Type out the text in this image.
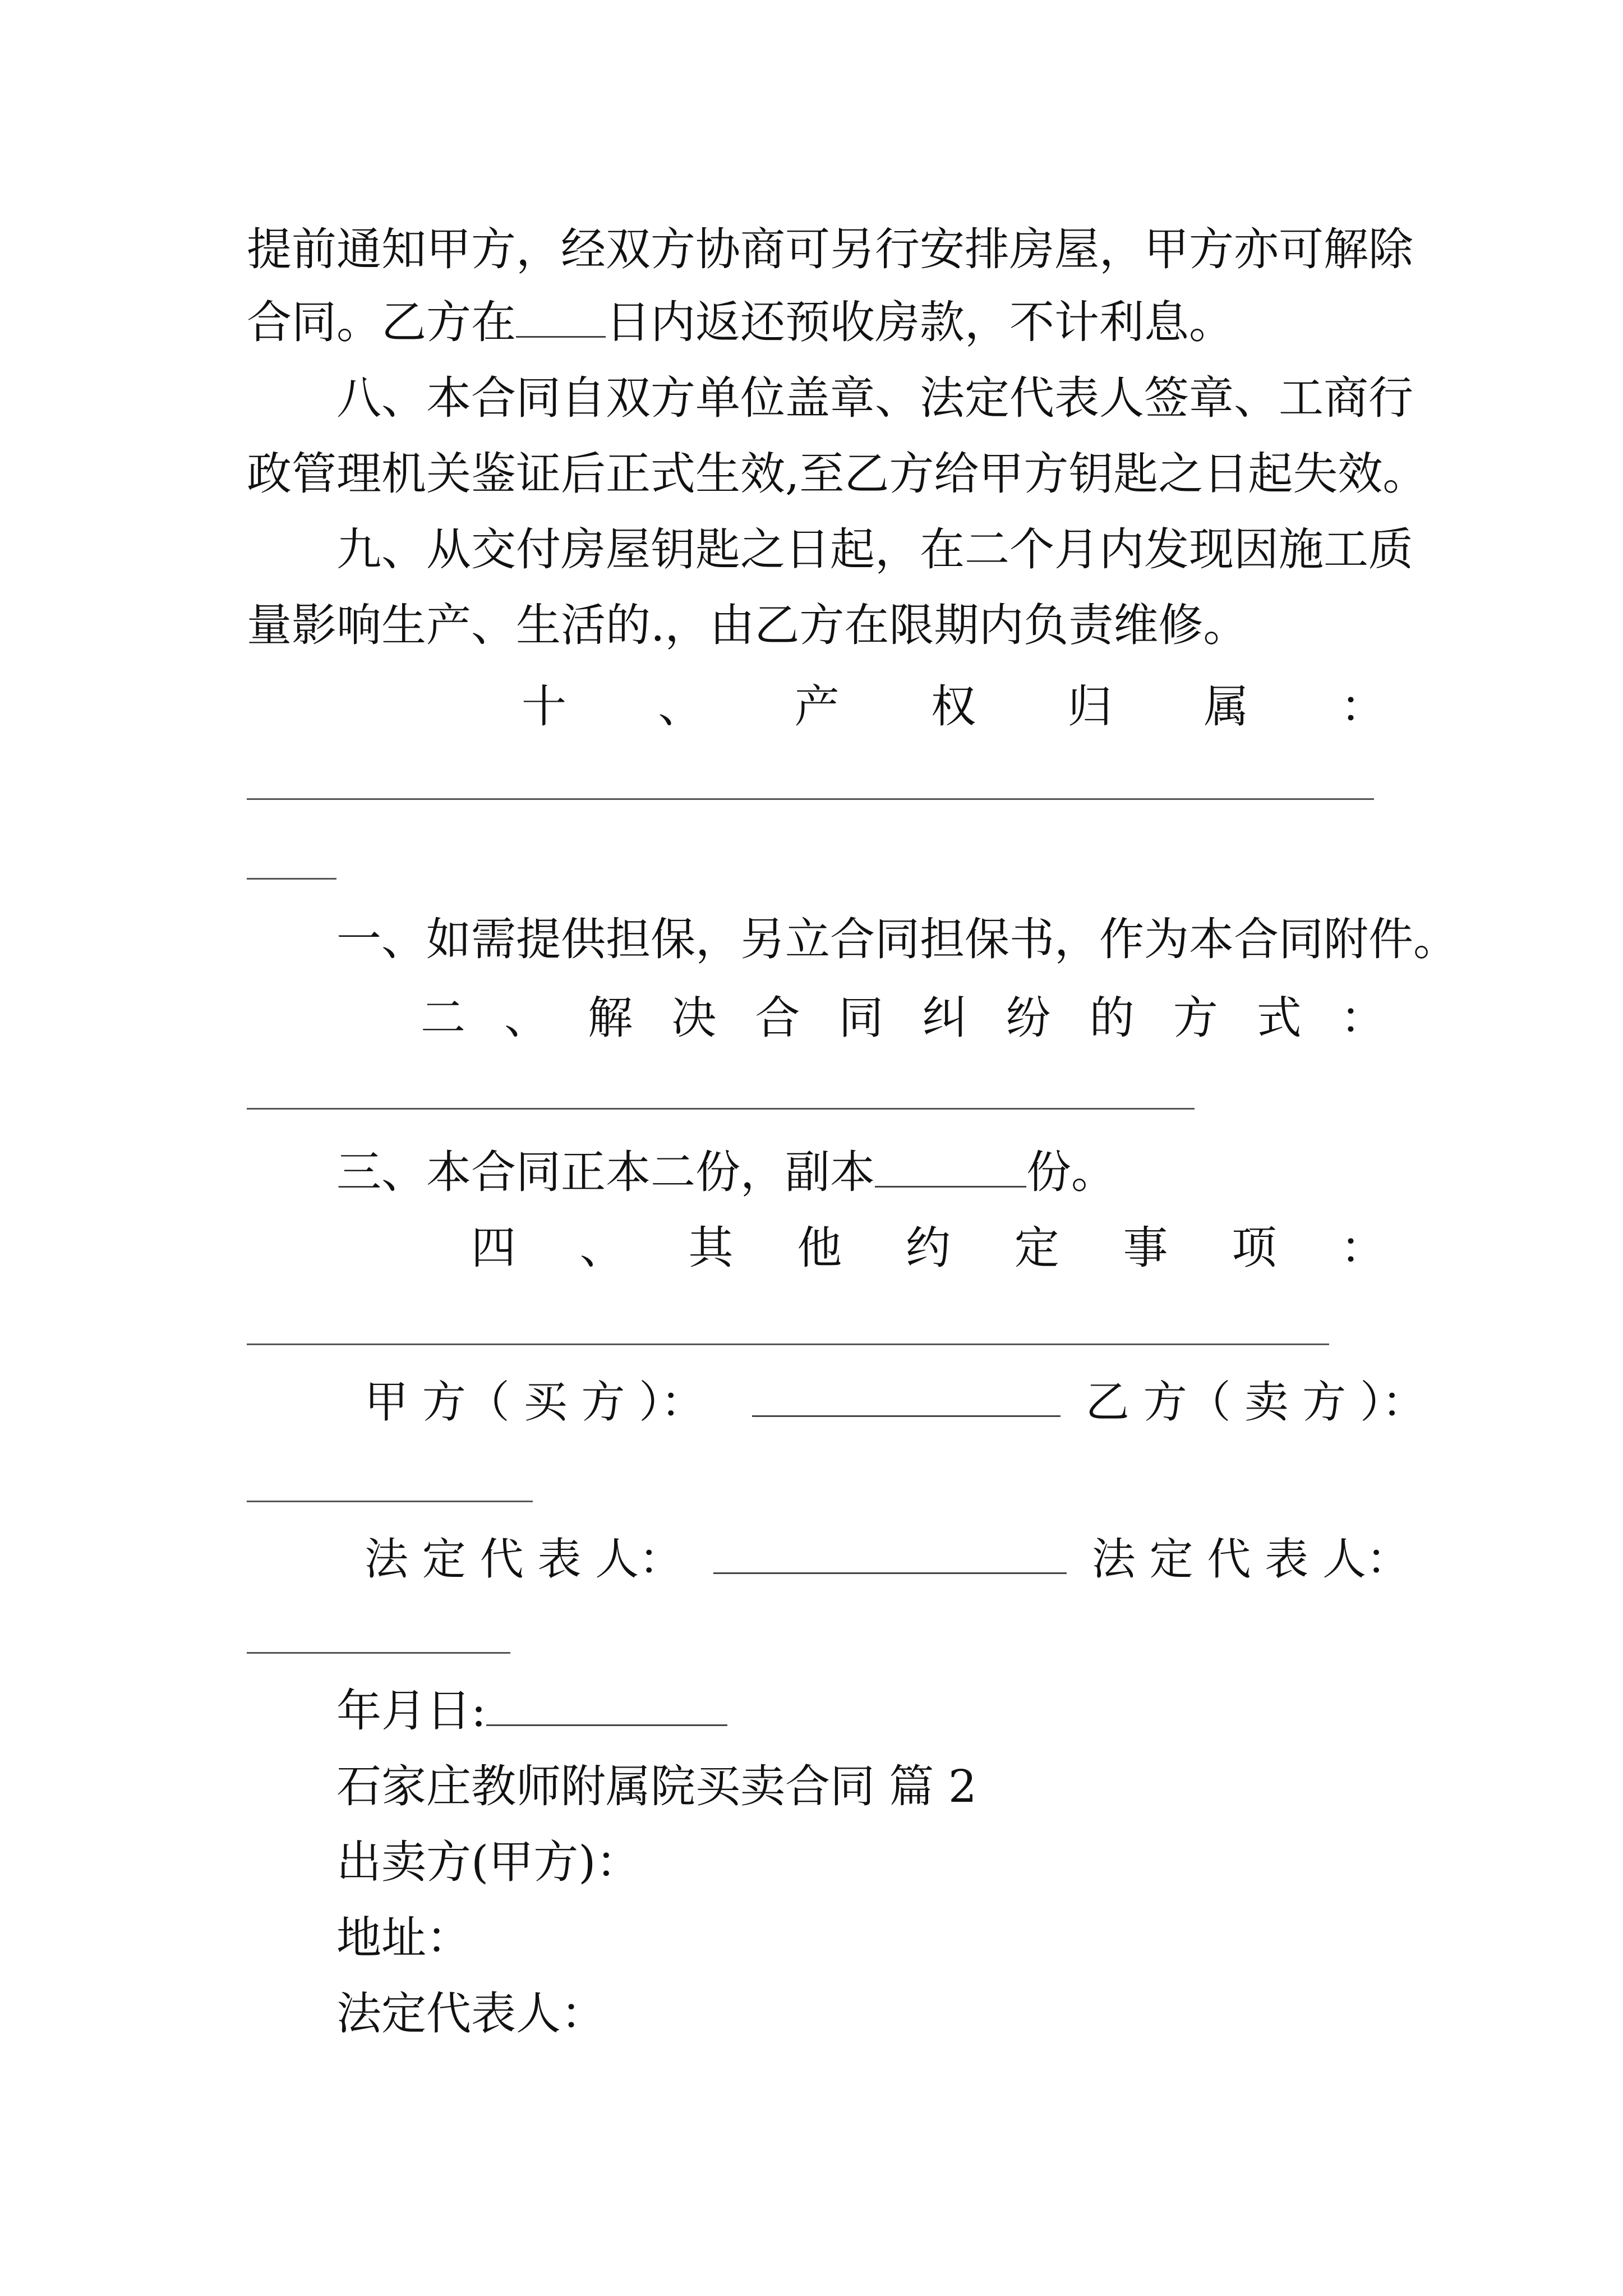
提前通知甲方，经双方协商可另行安排房屋，甲方亦可解除
合同。乙方在 日内返还预收房款，不计利息。
八、本合同自双方单位盖章、法定代表人签章、工商行
政管理机关鉴证后正式生效,至乙方给甲方钥匙之日起失效。
九、从交付房屋钥匙之日起，在二个月内发现因施工质
量影响生产、生活的.，由乙方在限期内负责维修。
十 、 产 权 归 属 ：
一、如需提供担保，另立合同担保书，作为本合同附件。
二 、 解 决 合 同 纠 纷 的 方 式 ：
三、本合同正本二份，副本	份。
四 、 其 他 约 定 事 项 ：
甲 方（ 买 方 ）：	乙 方（ 卖 方 ）：
法 定 代 表 人：	法 定 代 表 人：
年月日:
石家庄教师附属院买卖合同 篇 2
出卖方(甲方)：
地址：
法定代表人：
